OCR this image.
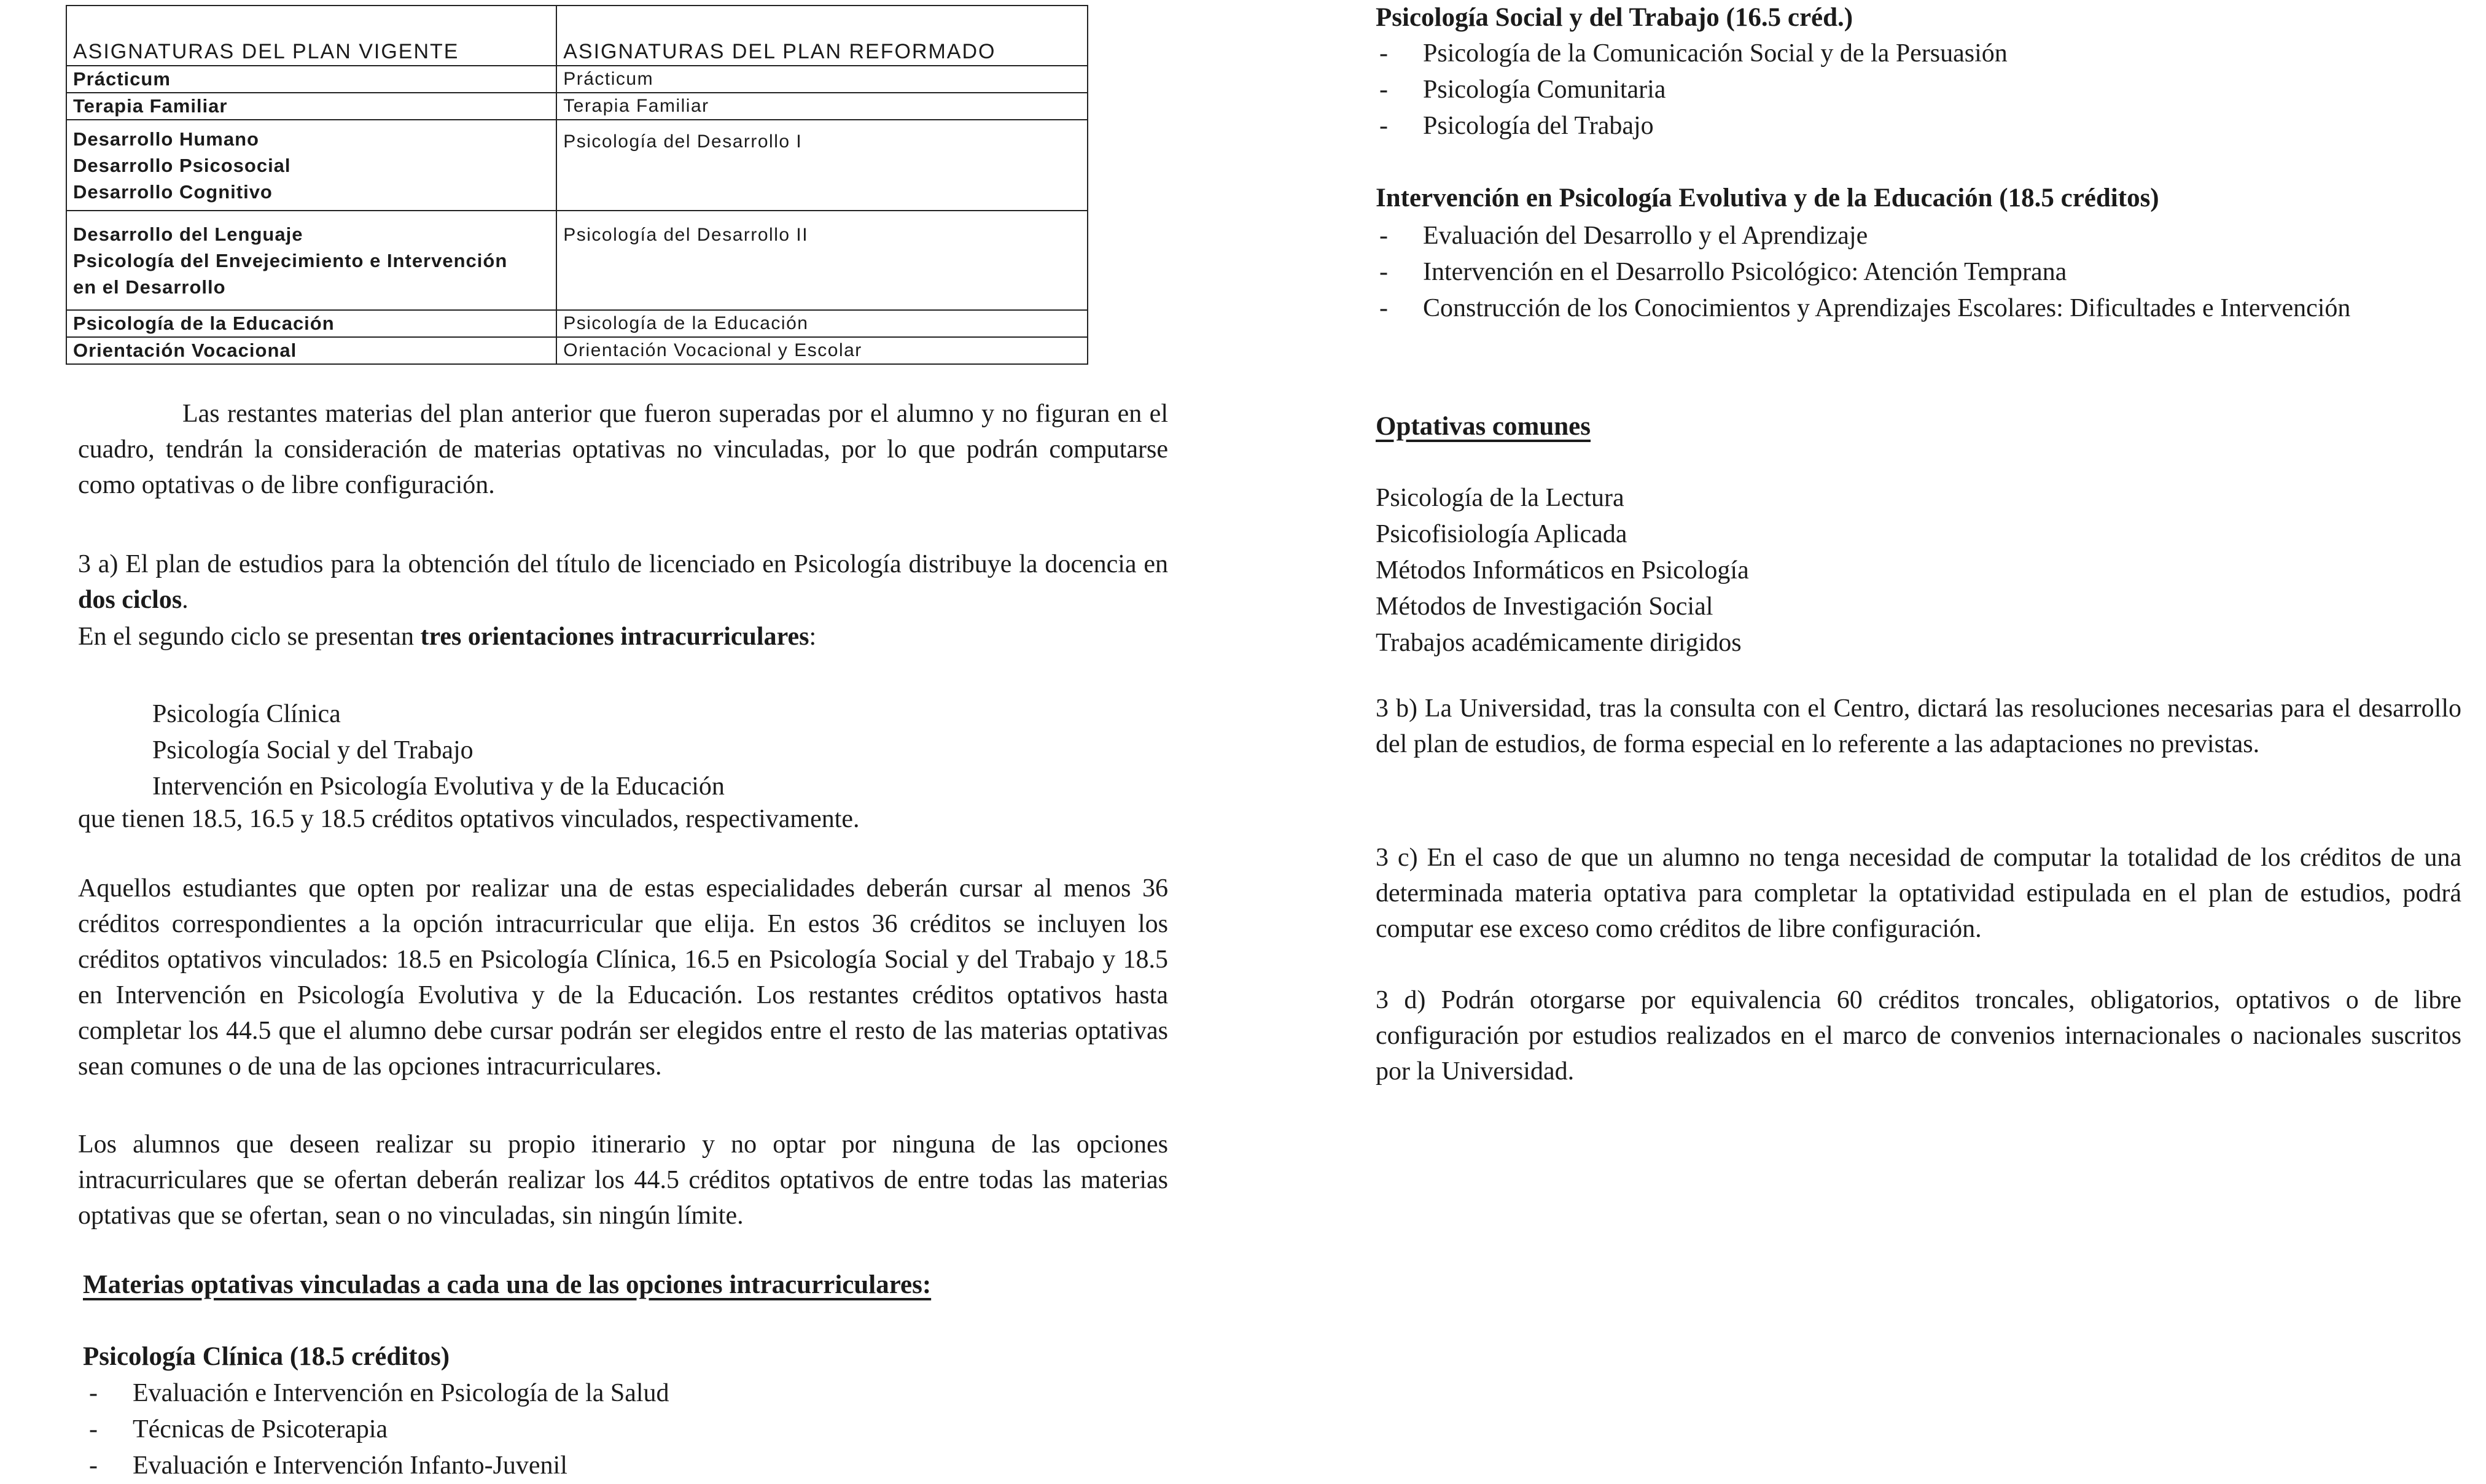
ASIGNATURAS DEL PLAN VIGENTE	ASIGNATURAS DEL PLAN REFORMADO
Prácticum	Prácticum
Terapia Familiar	Terapia Familiar

Desarrollo Humano
Desarrollo Psicosocial
Desarrollo Cognitivo	Psicología del Desarrollo I

Desarrollo del Lenguaje
Psicología del Envejecimiento e Intervención
en el Desarrollo	Psicología del Desarrollo II
Psicología de la Educación	Psicología de la Educación
Orientación Vocacional	Orientación Vocacional y Escolar

Las restantes materias del plan anterior que fueron superadas por el alumno y no figuran en el cuadro, tendrán la consideración de materias optativas no vinculadas, por lo que podrán computarse como optativas o de libre configuración.

3 a) El plan de estudios para la obtención del título de licenciado en Psicología distribuye la docencia en dos ciclos.

En el segundo ciclo se presentan tres orientaciones intracurriculares:
Psicología Clínica
Psicología Social y del Trabajo
Intervención en Psicología Evolutiva y de la Educación
que tienen 18.5, 16.5 y 18.5 créditos optativos vinculados, respectivamente.

Aquellos estudiantes que opten por realizar una de estas especialidades deberán cursar al menos 36 créditos correspondientes a la opción intracurricular que elija. En estos 36 créditos se incluyen los créditos optativos vinculados: 18.5 en Psicología Clínica, 16.5 en Psicología Social y del Trabajo y 18.5 en Intervención en Psicología Evolutiva y de la Educación. Los restantes créditos optativos hasta completar los 44.5 que el alumno debe cursar podrán ser elegidos entre el resto de las materias optativas sean comunes o de una de las opciones intracurriculares.

Los alumnos que deseen realizar su propio itinerario y no optar por ninguna de las opciones intracurriculares que se ofertan deberán realizar los 44.5 créditos optativos de entre todas las materias optativas que se ofertan, sean o no vinculadas, sin ningún límite.

Materias optativas vinculadas a cada una de las opciones intracurriculares:
Psicología Clínica (18.5 créditos)
- Evaluación e Intervención en Psicología de la Salud
- Técnicas de Psicoterapia
- Evaluación e Intervención Infanto-Juvenil
Psicología Social y del Trabajo (16.5 créd.)
- Psicología de la Comunicación Social y de la Persuasión
- Psicología Comunitaria
- Psicología del Trabajo
Intervención en Psicología Evolutiva y de la Educación (18.5 créditos)
- Evaluación del Desarrollo y el Aprendizaje
- Intervención en el Desarrollo Psicológico: Atención Temprana
- Construcción de los Conocimientos y Aprendizajes Escolares: Dificultades e Intervención
Optativas comunes
Psicología de la Lectura
Psicofisiología Aplicada
Métodos Informáticos en Psicología
Métodos de Investigación Social
Trabajos académicamente dirigidos

3 b) La Universidad, tras la consulta con el Centro, dictará las resoluciones necesarias para el desarrollo del plan de estudios, de forma especial en lo referente a las adaptaciones no previstas.

3 c) En el caso de que un alumno no tenga necesidad de computar la totalidad de los créditos de una determinada materia optativa para completar la optatividad estipulada en el plan de estudios, podrá computar ese exceso como créditos de libre configuración.

3 d) Podrán otorgarse por equivalencia 60 créditos troncales, obligatorios, optativos o de libre configuración por estudios realizados en el marco de convenios internacionales o nacionales suscritos por la Universidad.
